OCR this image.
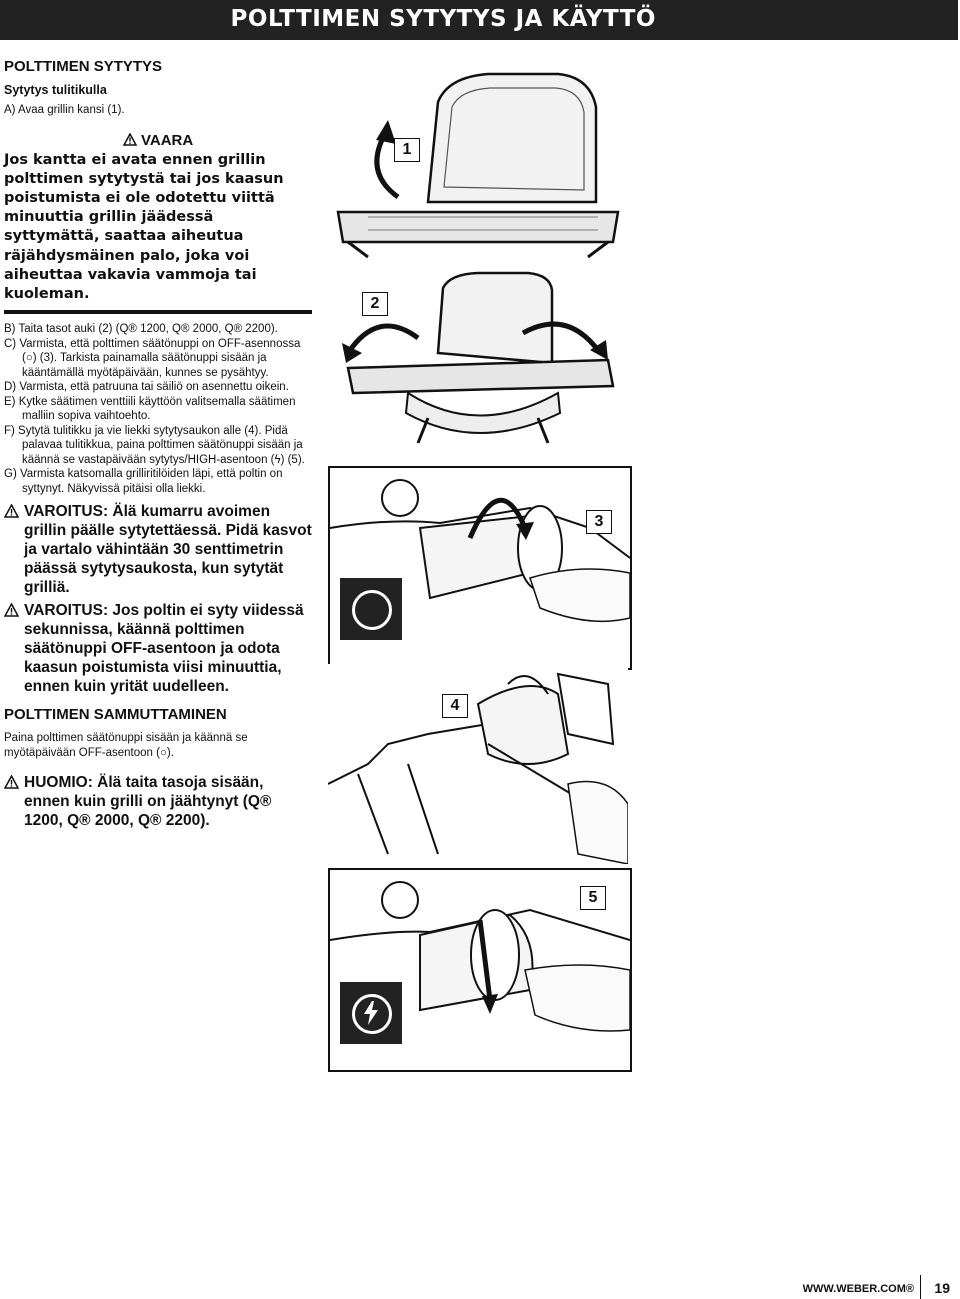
POLTTIMEN SYTYTYS JA KÄYTTÖ
POLTTIMEN SYTYTYS
Sytytys tulitikulla

A) Avaa grillin kansi (1).

VAARA
Jos kantta ei avata ennen grillin polttimen sytytystä tai jos kaasun poistumista ei ole odotettu viittä minuuttia grillin jäädessä syttymättä, saattaa aiheutua räjähdysmäinen palo, joka voi aiheuttaa vakavia vammoja tai kuoleman.

B) Taita tasot auki (2) (Q® 1200, Q® 2000, Q® 2200).

C) Varmista, että polttimen säätönuppi on OFF-asennossa (○) (3). Tarkista painamalla säätönuppi sisään ja kääntämällä myötäpäivään, kunnes se pysähtyy.

D) Varmista, että patruuna tai säiliö on asennettu oikein.

E) Kytke säätimen venttiili käyttöön valitsemalla säätimen malliin sopiva vaihtoehto.

F) Sytytä tulitikku ja vie liekki sytytysaukon alle (4). Pidä palavaa tulitikkua, paina polttimen säätönuppi sisään ja käännä se vastapäivään sytytys/HIGH-asentoon (ϟ) (5).

G) Varmista katsomalla grilliritilöiden läpi, että poltin on syttynyt. Näkyvissä pitäisi olla liekki.

VAROITUS: Älä kumarru avoimen grillin päälle sytytettäessä. Pidä kasvot ja vartalo vähintään 30 senttimetrin päässä sytytysaukosta, kun sytytät grilliä.
VAROITUS: Jos poltin ei syty viidessä sekunnissa, käännä polttimen säätönuppi OFF-asentoon ja odota kaasun poistumista viisi minuuttia, ennen kuin yrität uudelleen.
POLTTIMEN SAMMUTTAMINEN

Paina polttimen säätönuppi sisään ja käännä se myötäpäivään OFF-asentoon (○).

HUOMIO: Älä taita tasoja sisään, ennen kuin grilli on jäähtynyt (Q® 1200, Q® 2000, Q® 2200).
1
2
3
4
5
WWW.WEBER.COM® 19
